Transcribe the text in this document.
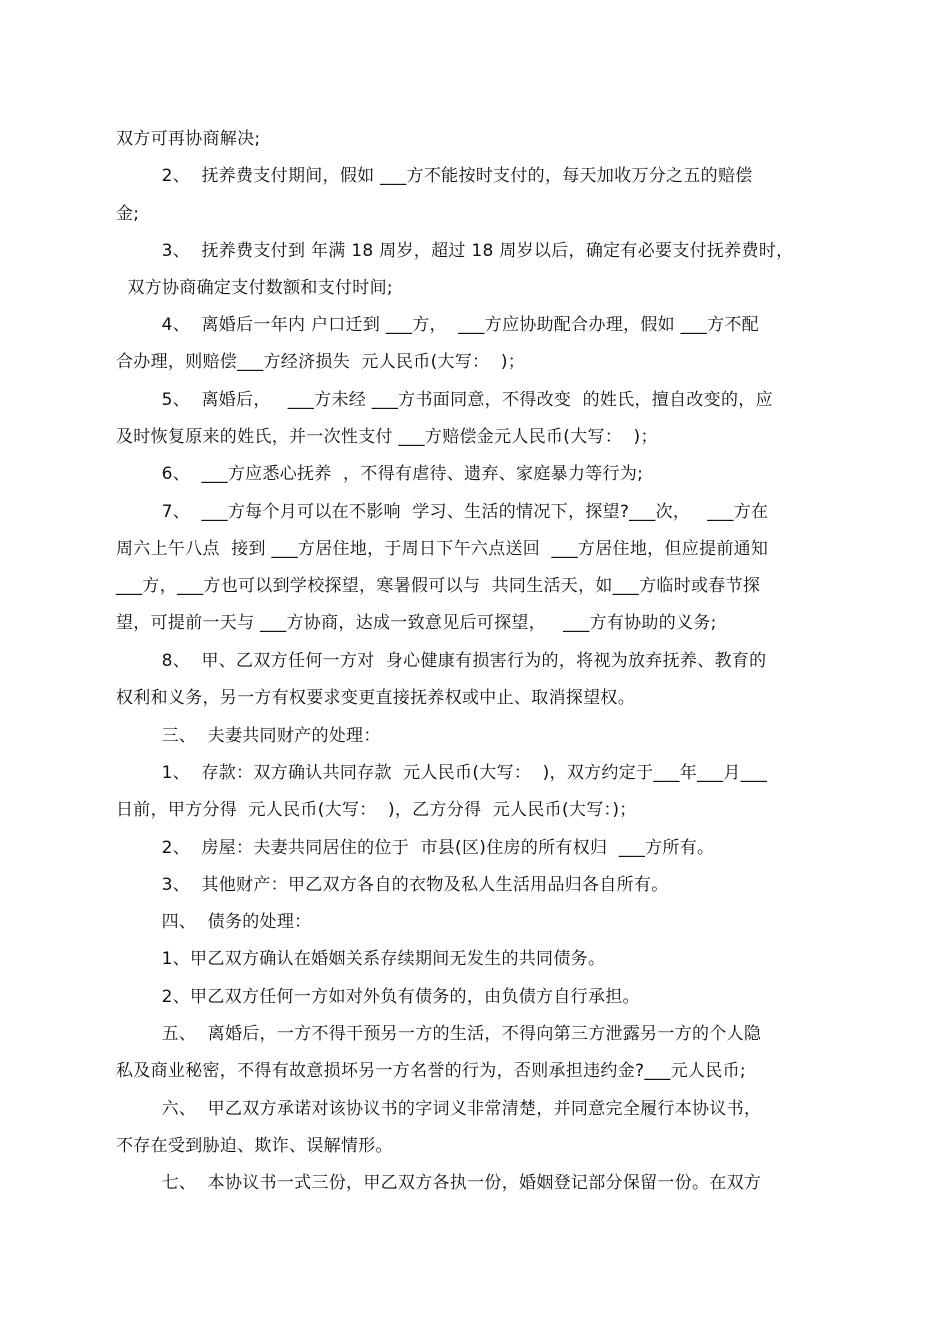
双方可再协商解决;
2、  抚养费支付期间，假如 ___方不能按时支付的，每天加收万分之五的赔偿
金;
3、  抚养费支付到 年满 18 周岁，超过 18 周岁以后，确定有必要支付抚养费时，
双方协商确定支付数额和支付时间;
4、  离婚后一年内 户口迁到 ___方，  ___方应协助配合办理，假如 ___方不配
合办理，则赔偿___方经济损失  元人民币(大写：  )；
5、  离婚后，   ___方未经 ___方书面同意，不得改变  的姓氏，擅自改变的，应
及时恢复原来的姓氏，并一次性支付 ___方赔偿金元人民币(大写：  )；
6、  ___方应悉心抚养  ，不得有虐待、遗弃、家庭暴力等行为;
7、  ___方每个月可以在不影响  学习、生活的情况下，探望?___次，   ___方在
周六上午八点  接到 ___方居住地，于周日下午六点送回  ___方居住地，但应提前通知
___方，___方也可以到学校探望，寒暑假可以与  共同生活天，如___方临时或春节探
望，可提前一天与 ___方协商，达成一致意见后可探望，   ___方有协助的义务;
8、  甲、乙双方任何一方对  身心健康有损害行为的，将视为放弃抚养、教育的
权利和义务，另一方有权要求变更直接抚养权或中止、取消探望权。
三、  夫妻共同财产的处理：
1、  存款：双方确认共同存款  元人民币(大写：  )，双方约定于___年___月___
日前，甲方分得  元人民币(大写：  )，乙方分得  元人民币(大写：)；
2、  房屋：夫妻共同居住的位于  市县(区)住房的所有权归  ___方所有。
3、  其他财产：甲乙双方各自的衣物及私人生活用品归各自所有。
四、  债务的处理：
1、甲乙双方确认在婚姻关系存续期间无发生的共同债务。
2、甲乙双方任何一方如对外负有债务的，由负债方自行承担。
五、  离婚后，一方不得干预另一方的生活，不得向第三方泄露另一方的个人隐
私及商业秘密，不得有故意损坏另一方名誉的行为，否则承担违约金?___元人民币;
六、  甲乙双方承诺对该协议书的字词义非常清楚，并同意完全履行本协议书，
不存在受到胁迫、欺诈、误解情形。
七、  本协议书一式三份，甲乙双方各执一份，婚姻登记部分保留一份。在双方
